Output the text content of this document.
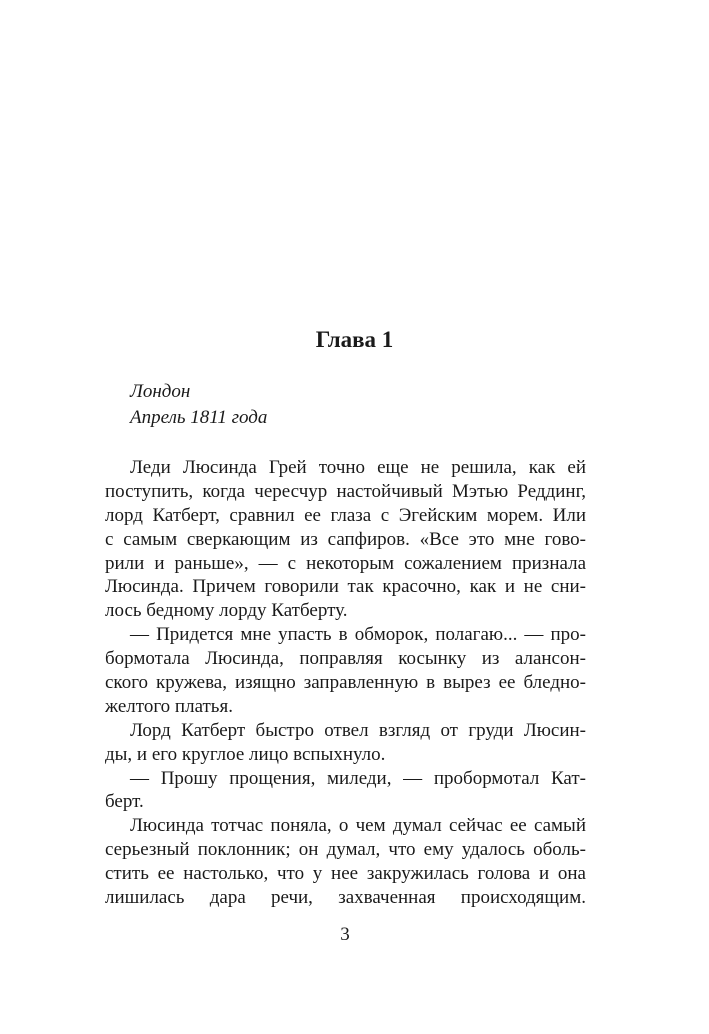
Глава 1
Лондон
Апрель 1811 года
Леди Люсинда Грей точно еще не решила, как ей
поступить, когда чересчур настойчивый Мэтью Реддинг,
лорд Катберт, сравнил ее глаза с Эгейским морем. Или
с самым сверкающим из сапфиров. «Все это мне гово-
рили и раньше», — с некоторым сожалением признала
Люсинда. Причем говорили так красочно, как и не сни-
лось бедному лорду Катберту.
— Придется мне упасть в обморок, полагаю... — про-
бормотала Люсинда, поправляя косынку из алансон-
ского кружева, изящно заправленную в вырез ее бледно-
желтого платья.
Лорд Катберт быстро отвел взгляд от груди Люсин-
ды, и его круглое лицо вспыхнуло.
— Прошу прощения, миледи, — пробормотал Кат-
берт.
Люсинда тотчас поняла, о чем думал сейчас ее самый
серьезный поклонник; он думал, что ему удалось оболь-
стить ее настолько, что у нее закружилась голова и она
лишилась дара речи, захваченная происходящим.
3
